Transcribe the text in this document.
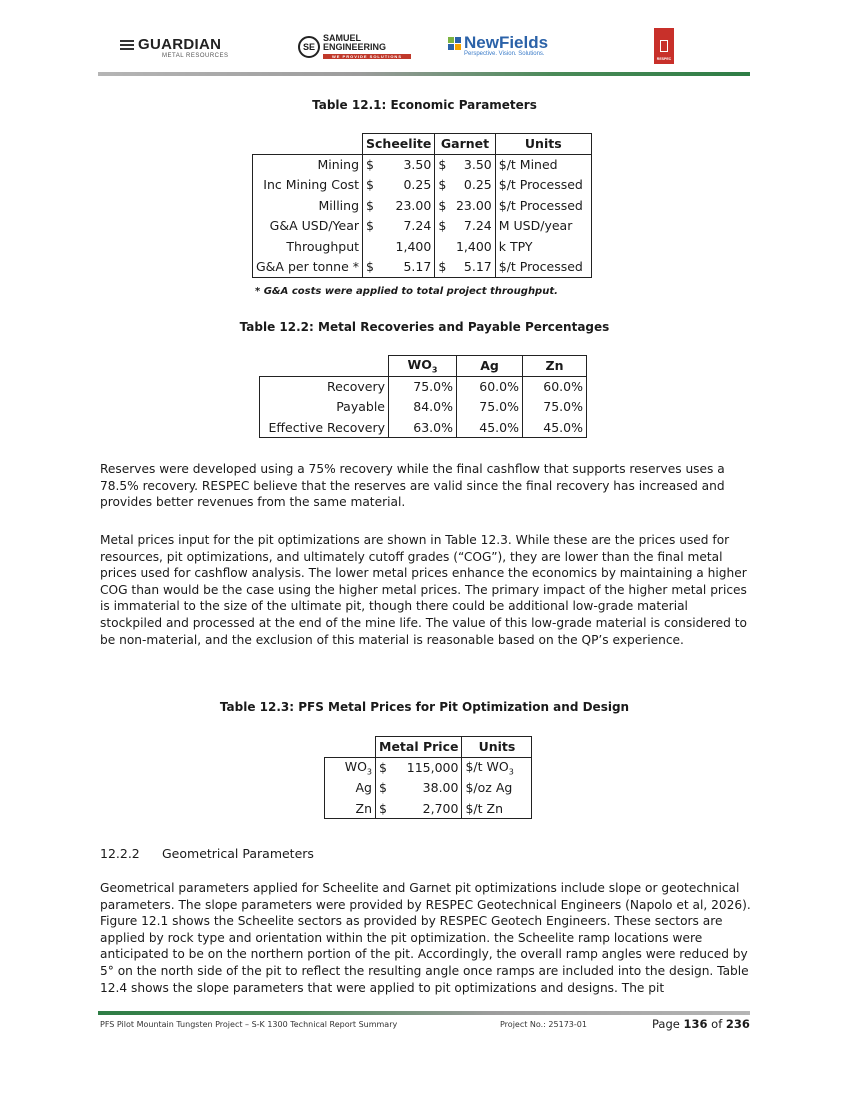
GUARDIAN
METAL RESOURCES
SE
SAMUEL
ENGINEERING
WE PROVIDE SOLUTIONS
NewFields
Perspective. Vision. Solutions.
RESPEC
Table 12.1: Economic Parameters
	Scheelite		Garnet		Units
Mining	$	3.50	$	3.50	$/t Mined
Inc Mining Cost	$	0.25	$	0.25	$/t Processed
Milling	$	23.00	$	23.00	$/t Processed
G&A USD/Year	$	7.24	$	7.24	M USD/year
Throughput		1,400		1,400	k TPY
G&A per tonne *	$	5.17	$	5.17	$/t Processed
* G&A costs were applied to total project throughput.
Table 12.2: Metal Recoveries and Payable Percentages
	$WO_3$	Ag	Zn
Recovery	75.0%	60.0%	60.0%
Payable	84.0%	75.0%	75.0%
Effective Recovery	63.0%	45.0%	45.0%

Reserves were developed using a 75% recovery while the final cashflow that supports reserves uses a 78.5% recovery. RESPEC believe that the reserves are valid since the final recovery has increased and provides better revenues from the same material.

Metal prices input for the pit optimizations are shown in Table 12.3. While these are the prices used for resources, pit optimizations, and ultimately cutoff grades (“COG”), they are lower than the final metal prices used for cashflow analysis. The lower metal prices enhance the economics by maintaining a higher COG than would be the case using the higher metal prices. The primary impact of the higher metal prices is immaterial to the size of the ultimate pit, though there could be additional low-grade material stockpiled and processed at the end of the mine life. The value of this low-grade material is considered to be non-material, and the exclusion of this material is reasonable based on the QP’s experience.

Table 12.3: PFS Metal Prices for Pit Optimization and Design
	Metal Price		Units
$WO_3$	$	115,000	$/t $WO_3$
Ag	$	38.00	$/oz Ag
Zn	$	2,700	$/t Zn
12.2.2 Geometrical Parameters

Geometrical parameters applied for Scheelite and Garnet pit optimizations include slope or geotechnical parameters. The slope parameters were provided by RESPEC Geotechnical Engineers (Napolo et al, 2026). Figure 12.1 shows the Scheelite sectors as provided by RESPEC Geotech Engineers. These sectors are applied by rock type and orientation within the pit optimization. the Scheelite ramp locations were anticipated to be on the northern portion of the pit. Accordingly, the overall ramp angles were reduced by 5° on the north side of the pit to reflect the resulting angle once ramps are included into the design. Table 12.4 shows the slope parameters that were applied to pit optimizations and designs. The pit

PFS Pilot Mountain Tungsten Project – S-K 1300 Technical Report Summary	Project No.: 25173-01	Page 136 of 236
